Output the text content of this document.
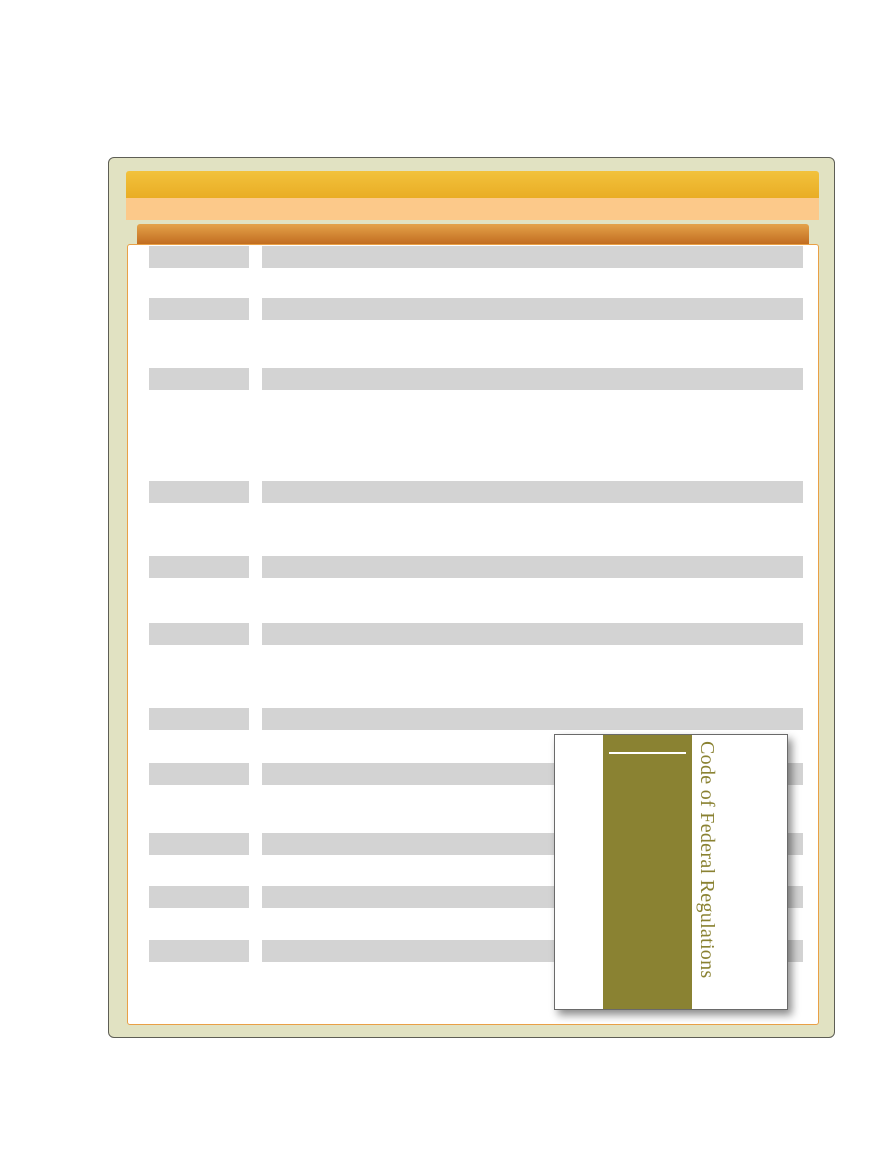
Code of Federal Regulations
